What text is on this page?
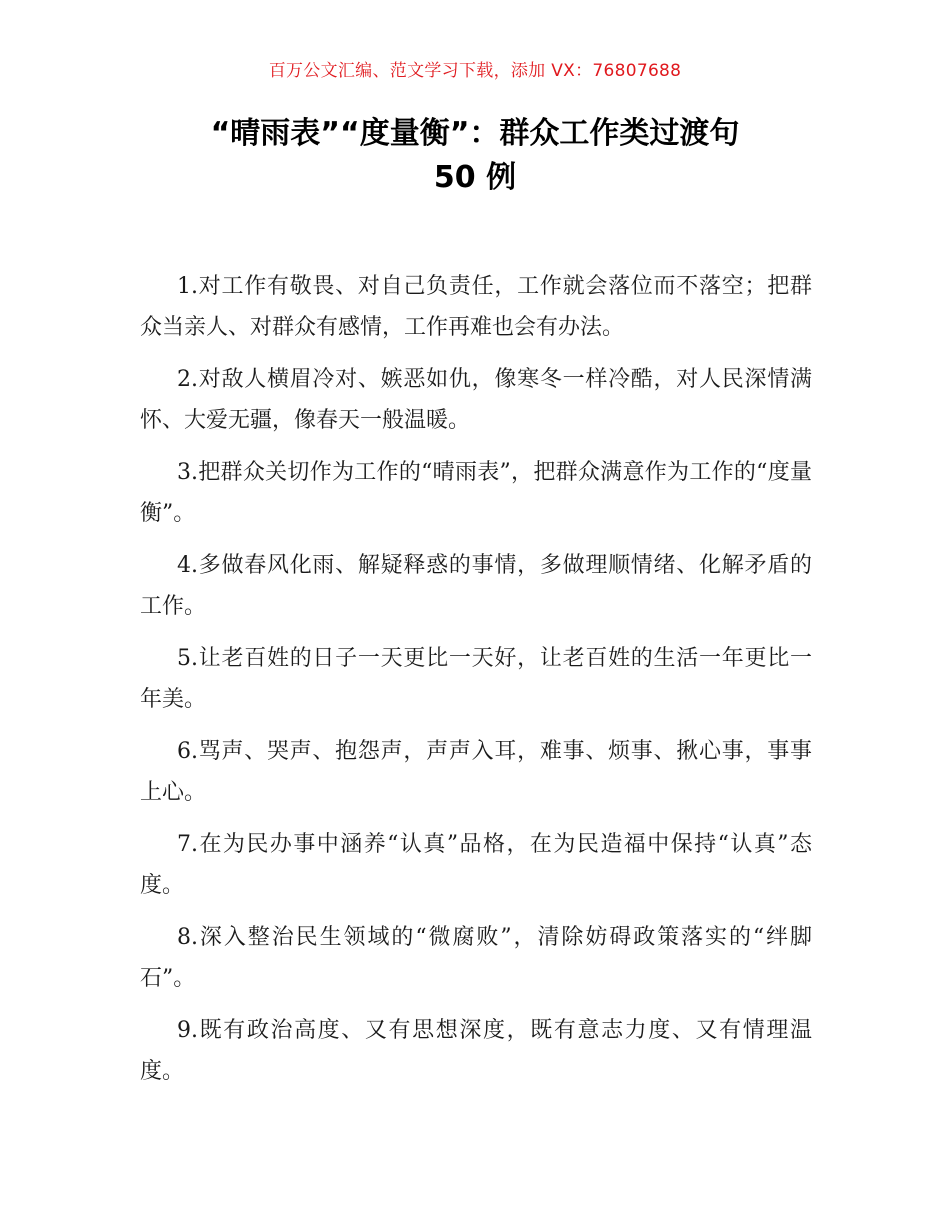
百万公文汇编、范文学习下载，添加 VX：76807688
“晴雨表”“度量衡”：群众工作类过渡句
50 例
1.对工作有敬畏、对自己负责任，工作就会落位而不落空；把群众当亲人、对群众有感情，工作再难也会有办法。
2.对敌人横眉冷对、嫉恶如仇，像寒冬一样冷酷，对人民深情满怀、大爱无疆，像春天一般温暖。
3.把群众关切作为工作的“晴雨表”，把群众满意作为工作的“度量衡”。
4.多做春风化雨、解疑释惑的事情，多做理顺情绪、化解矛盾的工作。
5.让老百姓的日子一天更比一天好，让老百姓的生活一年更比一年美。
6.骂声、哭声、抱怨声，声声入耳，难事、烦事、揪心事，事事上心。
7.在为民办事中涵养“认真”品格，在为民造福中保持“认真”态度。
8.深入整治民生领域的“微腐败”，清除妨碍政策落实的“绊脚石”。
9.既有政治高度、又有思想深度，既有意志力度、又有情理温度。
